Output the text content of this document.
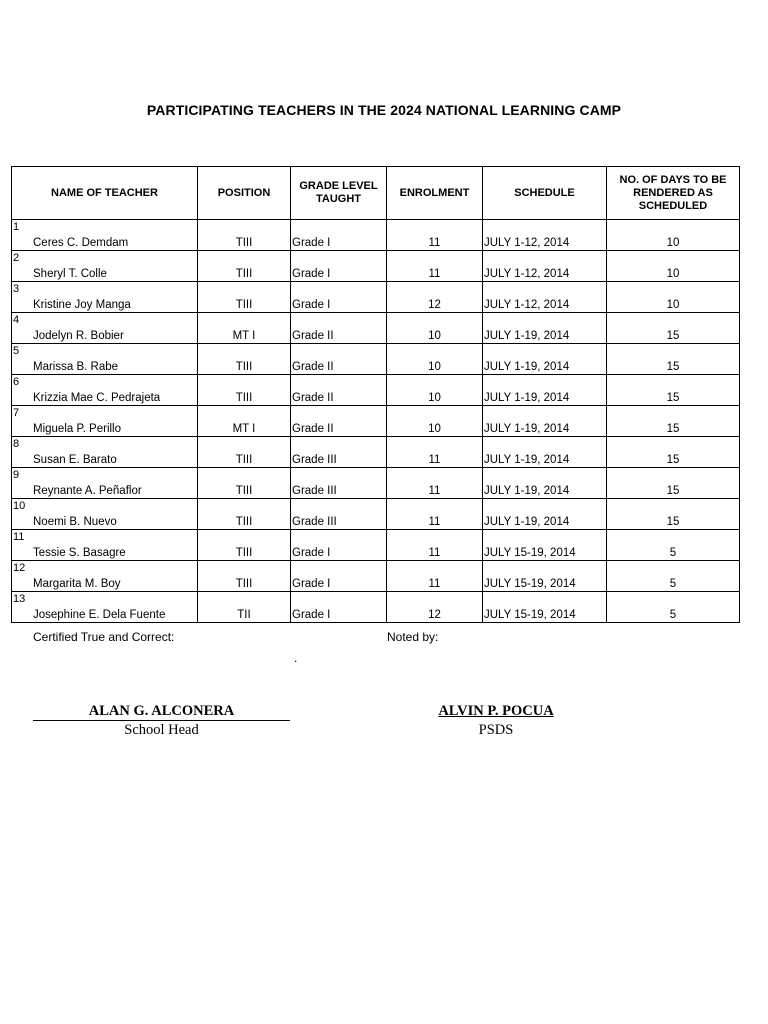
PARTICIPATING TEACHERS IN THE 2024 NATIONAL LEARNING CAMP
NAME OF TEACHER	POSITION	GRADE LEVEL TAUGHT	ENROLMENT	SCHEDULE	NO. OF DAYS TO BE RENDERED AS SCHEDULED

1
Ceres C. Demdam	TIII	Grade I	11	JULY 1-12, 2014	10

2
Sheryl T. Colle	TIII	Grade I	11	JULY 1-12, 2014	10

3
Kristine Joy Manga	TIII	Grade I	12	JULY 1-12, 2014	10

4
Jodelyn R. Bobier	MT I	Grade II	10	JULY 1-19, 2014	15

5
Marissa B. Rabe	TIII	Grade II	10	JULY 1-19, 2014	15

6
Krizzia Mae C. Pedrajeta	TIII	Grade II	10	JULY 1-19, 2014	15

7
Miguela P. Perillo	MT I	Grade II	10	JULY 1-19, 2014	15

8
Susan E. Barato	TIII	Grade III	11	JULY 1-19, 2014	15

9
Reynante A. Peñaflor	TIII	Grade III	11	JULY 1-19, 2014	15

10
Noemi B. Nuevo	TIII	Grade III	11	JULY 1-19, 2014	15

11
Tessie S. Basagre	TIII	Grade I	11	JULY 15-19, 2014	5

12
Margarita M. Boy	TIII	Grade I	11	JULY 15-19, 2014	5

13
Josephine E. Dela Fuente	TII	Grade I	12	JULY 15-19, 2014	5
Certified True and Correct:	Noted by:
.
ALAN G. ALCONERA
School Head
ALVIN P. POCUA
PSDS
